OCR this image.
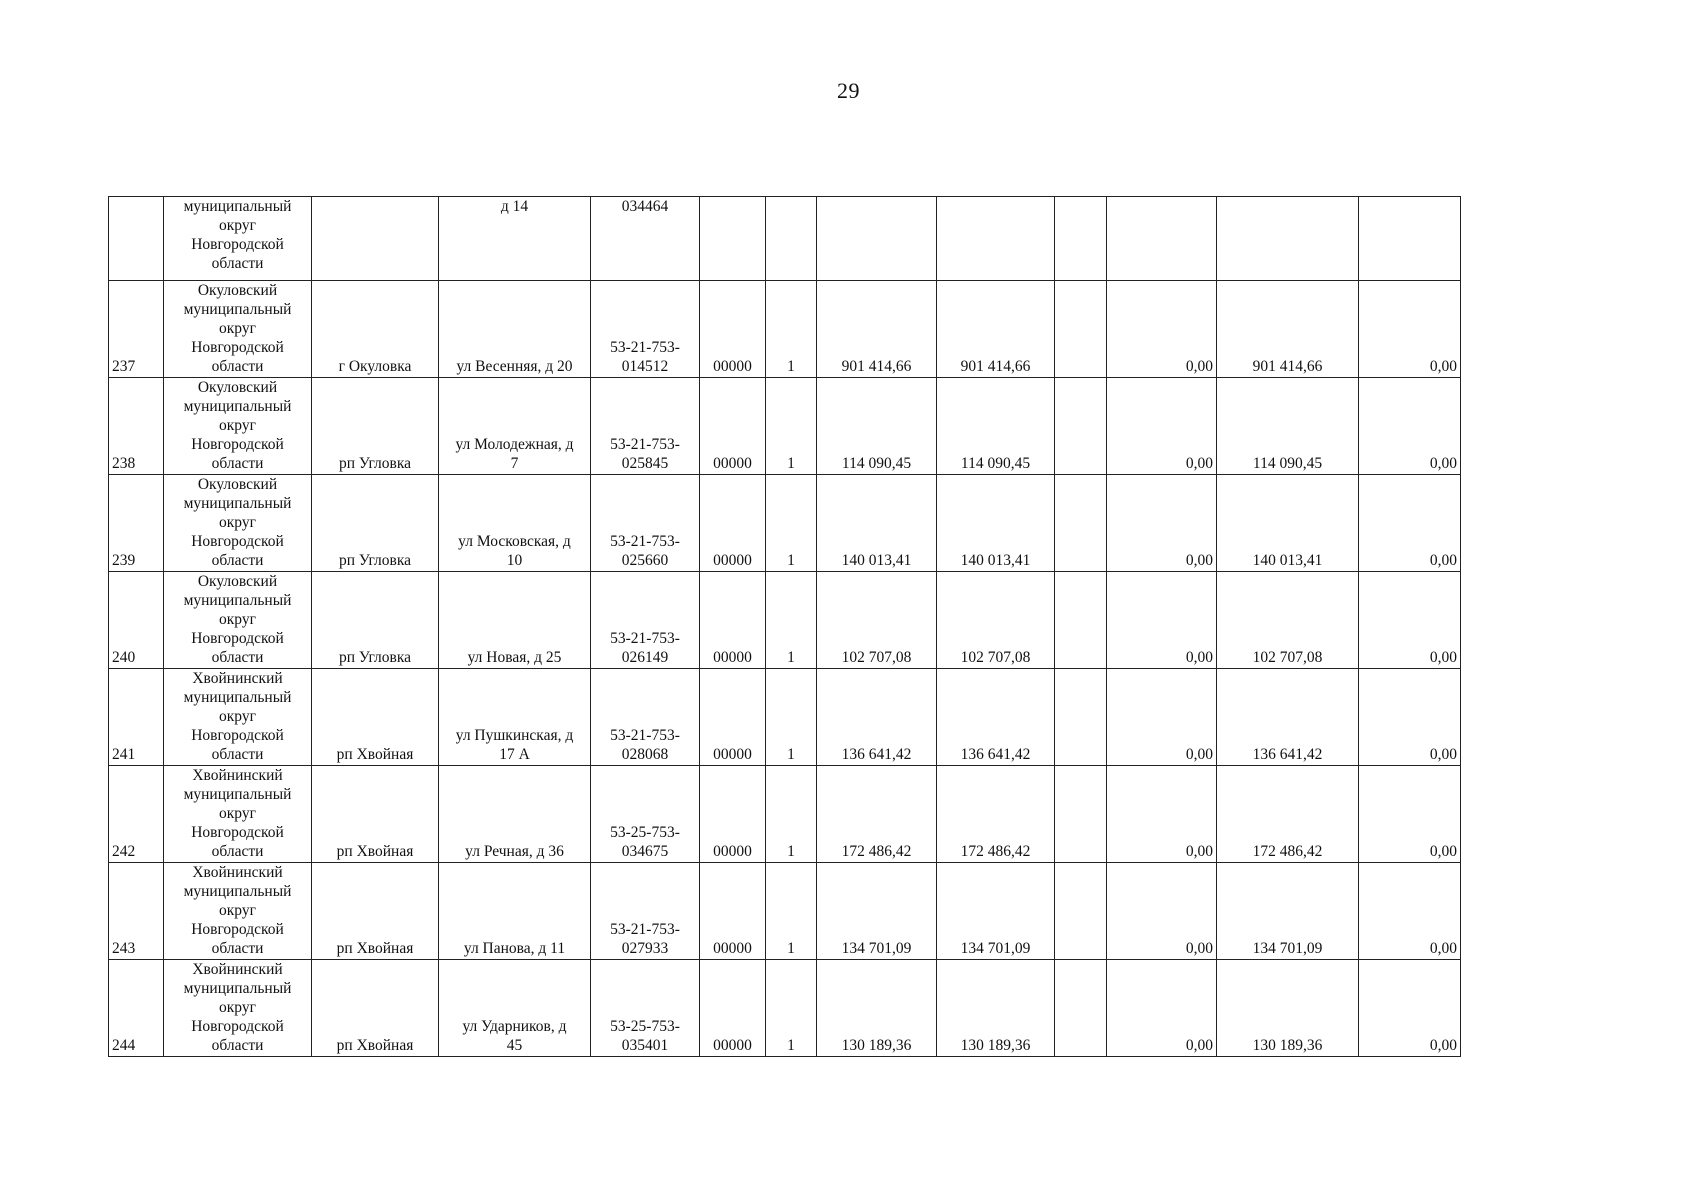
29
	муниципальный
округ
Новгородской
области		д 14	034464								
237	Окуловский
муниципальный
округ
Новгородской
области	г Окуловка	ул Весенняя, д 20	53-21-753-
014512	00000	1	901 414,66	901 414,66		0,00	901 414,66	0,00
238	Окуловский
муниципальный
округ
Новгородской
области	рп Угловка	ул Молодежная, д
7	53-21-753-
025845	00000	1	114 090,45	114 090,45		0,00	114 090,45	0,00
239	Окуловский
муниципальный
округ
Новгородской
области	рп Угловка	ул Московская, д
10	53-21-753-
025660	00000	1	140 013,41	140 013,41		0,00	140 013,41	0,00
240	Окуловский
муниципальный
округ
Новгородской
области	рп Угловка	ул Новая, д 25	53-21-753-
026149	00000	1	102 707,08	102 707,08		0,00	102 707,08	0,00
241	Хвойнинский
муниципальный
округ
Новгородской
области	рп Хвойная	ул Пушкинская, д
17 А	53-21-753-
028068	00000	1	136 641,42	136 641,42		0,00	136 641,42	0,00
242	Хвойнинский
муниципальный
округ
Новгородской
области	рп Хвойная	ул Речная, д 36	53-25-753-
034675	00000	1	172 486,42	172 486,42		0,00	172 486,42	0,00
243	Хвойнинский
муниципальный
округ
Новгородской
области	рп Хвойная	ул Панова, д 11	53-21-753-
027933	00000	1	134 701,09	134 701,09		0,00	134 701,09	0,00
244	Хвойнинский
муниципальный
округ
Новгородской
области	рп Хвойная	ул Ударников, д
45	53-25-753-
035401	00000	1	130 189,36	130 189,36		0,00	130 189,36	0,00
